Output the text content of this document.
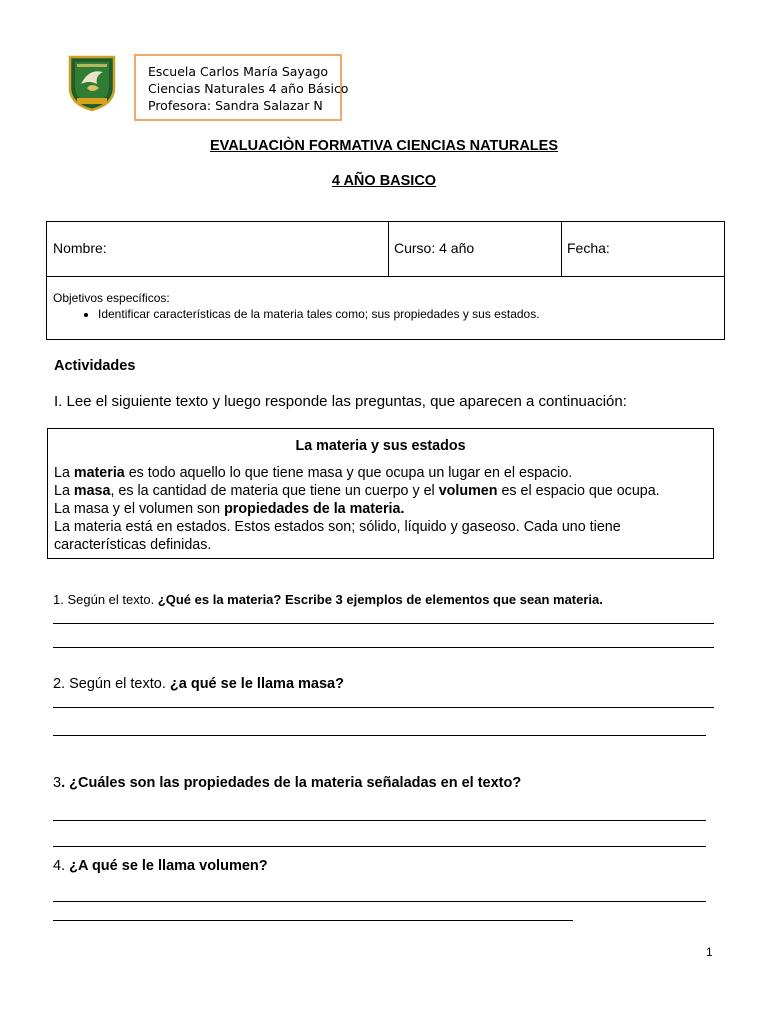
Escuela Carlos María Sayago
Ciencias Naturales 4 año Básico
Profesora: Sandra Salazar N
EVALUACIÒN FORMATIVA CIENCIAS NATURALES
4 AÑO BASICO
Nombre:	Curso: 4 año	Fecha:
Objetivos específicos:
• Identificar características de la materia tales como; sus propiedades y sus estados.
Actividades
I. Lee el siguiente texto y luego responde las preguntas, que aparecen a continuación:
La materia y sus estados
La materia es todo aquello lo que tiene masa y que ocupa un lugar en el espacio.
La masa, es la cantidad de materia que tiene un cuerpo y el volumen es el espacio que ocupa.
La masa y el volumen son propiedades de la materia.
La materia está en estados. Estos estados son; sólido, líquido y gaseoso. Cada uno tiene
características definidas.
1. Según el texto. ¿Qué es la materia? Escribe 3 ejemplos de elementos que sean materia.
2. Según el texto. ¿a qué se le llama masa?
3. ¿Cuáles son las propiedades de la materia señaladas en el texto?
4. ¿A qué se le llama volumen?
1
